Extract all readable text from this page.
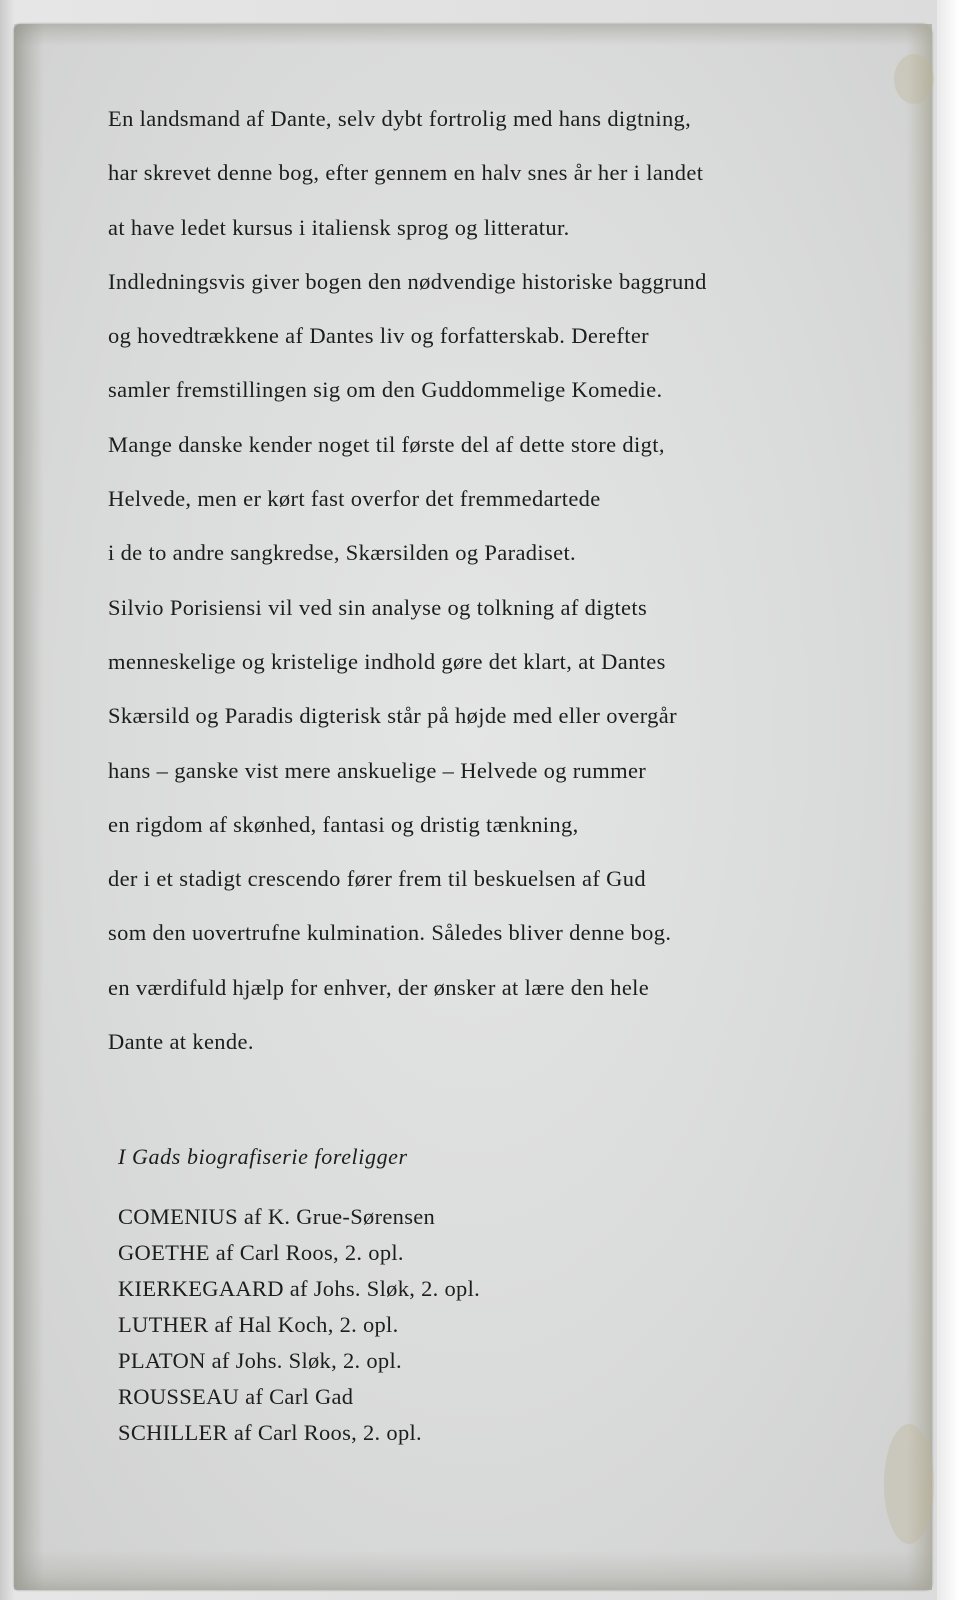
En landsmand af Dante, selv dybt fortrolig med hans digtning,
har skrevet denne bog, efter gennem en halv snes år her i landet
at have ledet kursus i italiensk sprog og litteratur.
Indledningsvis giver bogen den nødvendige historiske baggrund
og hovedtrækkene af Dantes liv og forfatterskab. Derefter
samler fremstillingen sig om den Guddommelige Komedie.
Mange danske kender noget til første del af dette store digt,
Helvede, men er kørt fast overfor det fremmedartede
i de to andre sangkredse, Skærsilden og Paradiset.
Silvio Porisiensi vil ved sin analyse og tolkning af digtets
menneskelige og kristelige indhold gøre det klart, at Dantes
Skærsild og Paradis digterisk står på højde med eller overgår
hans – ganske vist mere anskuelige – Helvede og rummer
en rigdom af skønhed, fantasi og dristig tænkning,
der i et stadigt crescendo fører frem til beskuelsen af Gud
som den uovertrufne kulmination. Således bliver denne bog.
en værdifuld hjælp for enhver, der ønsker at lære den hele
Dante at kende.
I Gads biografiserie foreligger
COMENIUS af K. Grue-Sørensen
GOETHE af Carl Roos, 2. opl.
KIERKEGAARD af Johs. Sløk, 2. opl.
LUTHER af Hal Koch, 2. opl.
PLATON af Johs. Sløk, 2. opl.
ROUSSEAU af Carl Gad
SCHILLER af Carl Roos, 2. opl.
